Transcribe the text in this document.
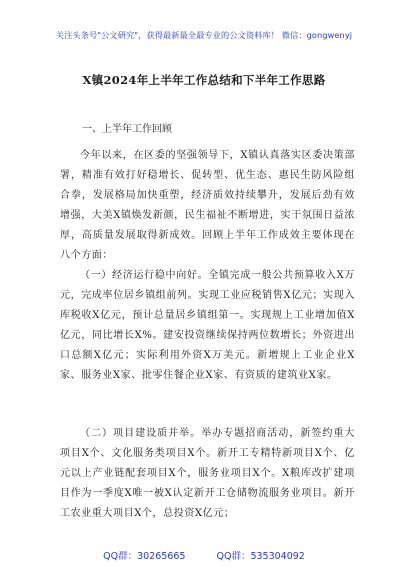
关注头条号"公文研究"，获得最新最全最专业的公文资料库！ 微信：gongwenyj
X镇2024年上半年工作总结和下半年工作思路
一、上半年工作回顾
今年以来，在区委的坚强领导下，X镇认真落实区委决策部署，精准有效打好稳增长、促转型、优生态、惠民生防风险组合拳，发展格局加快重塑，经济质效持续攀升，发展后劲有效增强，大美X镇焕发新颜，民生福祉不断增进，实干氛围日益浓厚，高质量发展取得新成效。回顾上半年工作成效主要体现在八个方面：
（一）经济运行稳中向好。全镇完成一般公共预算收入X万元，完成率位居乡镇组前列。实现工业应税销售X亿元；实现入库税收X亿元，预计总量居乡镇组第一。实现规上工业增加值X亿元，同比增长X%。建安投资继续保持两位数增长；外资进出口总额X亿元；实际利用外资X万美元。新增规上工业企业X家、服务业X家、批零住餐企业X家、有资质的建筑业X家。
（二）项目建设质并举。举办专题招商活动，新签约重大项目X个、文化服务类项目X个。新开工专精特新项目X个、亿元以上产业链配套项目X个，服务业项目X个。X粮库改扩建项目作为一季度X唯一被X认定新开工仓储物流服务业项目。新开工农业重大项目X个，总投资X亿元；
QQ群：30265665	QQ群：535304092
